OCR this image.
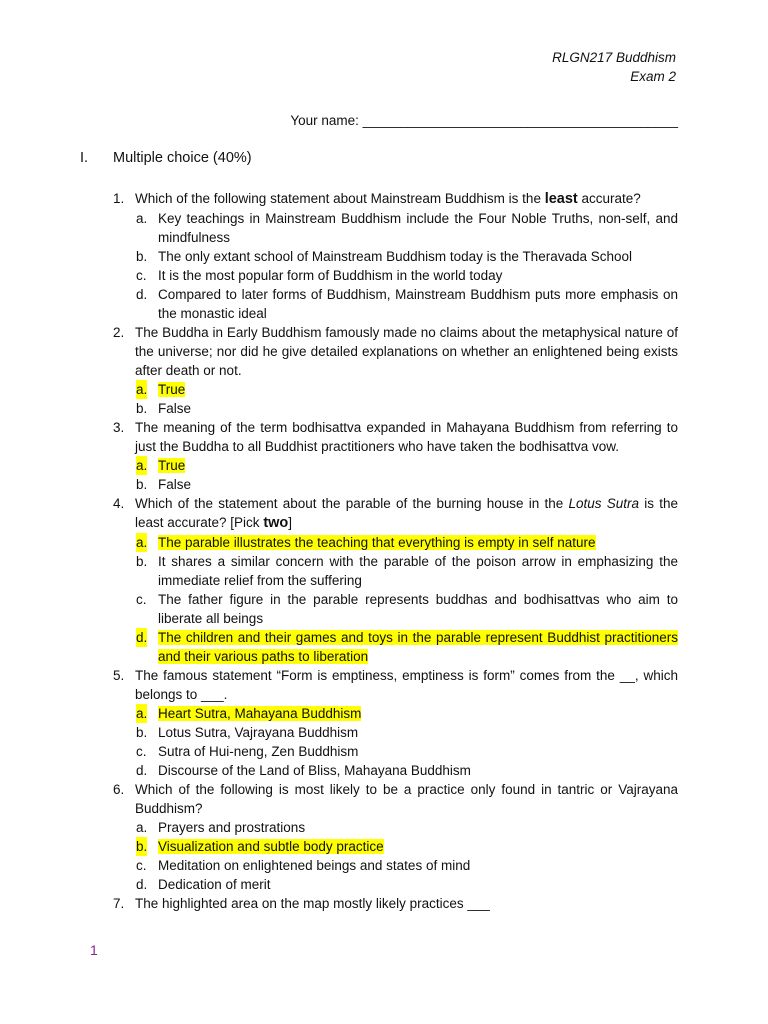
RLGN217 Buddhism
Exam 2
Your name: __________________________________________
I. Multiple choice (40%)
1. Which of the following statement about Mainstream Buddhism is the least accurate?
a. Key teachings in Mainstream Buddhism include the Four Noble Truths, non-self, and mindfulness
b. The only extant school of Mainstream Buddhism today is the Theravada School
c. It is the most popular form of Buddhism in the world today
d. Compared to later forms of Buddhism, Mainstream Buddhism puts more emphasis on the monastic ideal
2. The Buddha in Early Buddhism famously made no claims about the metaphysical nature of the universe; nor did he give detailed explanations on whether an enlightened being exists after death or not.
a. True
b. False
3. The meaning of the term bodhisattva expanded in Mahayana Buddhism from referring to just the Buddha to all Buddhist practitioners who have taken the bodhisattva vow.
a. True
b. False
4. Which of the statement about the parable of the burning house in the Lotus Sutra is the least accurate? [Pick two]
a. The parable illustrates the teaching that everything is empty in self nature
b. It shares a similar concern with the parable of the poison arrow in emphasizing the immediate relief from the suffering
c. The father figure in the parable represents buddhas and bodhisattvas who aim to liberate all beings
d. The children and their games and toys in the parable represent Buddhist practitioners and their various paths to liberation
5. The famous statement “Form is emptiness, emptiness is form” comes from the __, which belongs to ___.
a. Heart Sutra, Mahayana Buddhism
b. Lotus Sutra, Vajrayana Buddhism
c. Sutra of Hui-neng, Zen Buddhism
d. Discourse of the Land of Bliss, Mahayana Buddhism
6. Which of the following is most likely to be a practice only found in tantric or Vajrayana Buddhism?
a. Prayers and prostrations
b. Visualization and subtle body practice
c. Meditation on enlightened beings and states of mind
d. Dedication of merit
7. The highlighted area on the map mostly likely practices ___
1
